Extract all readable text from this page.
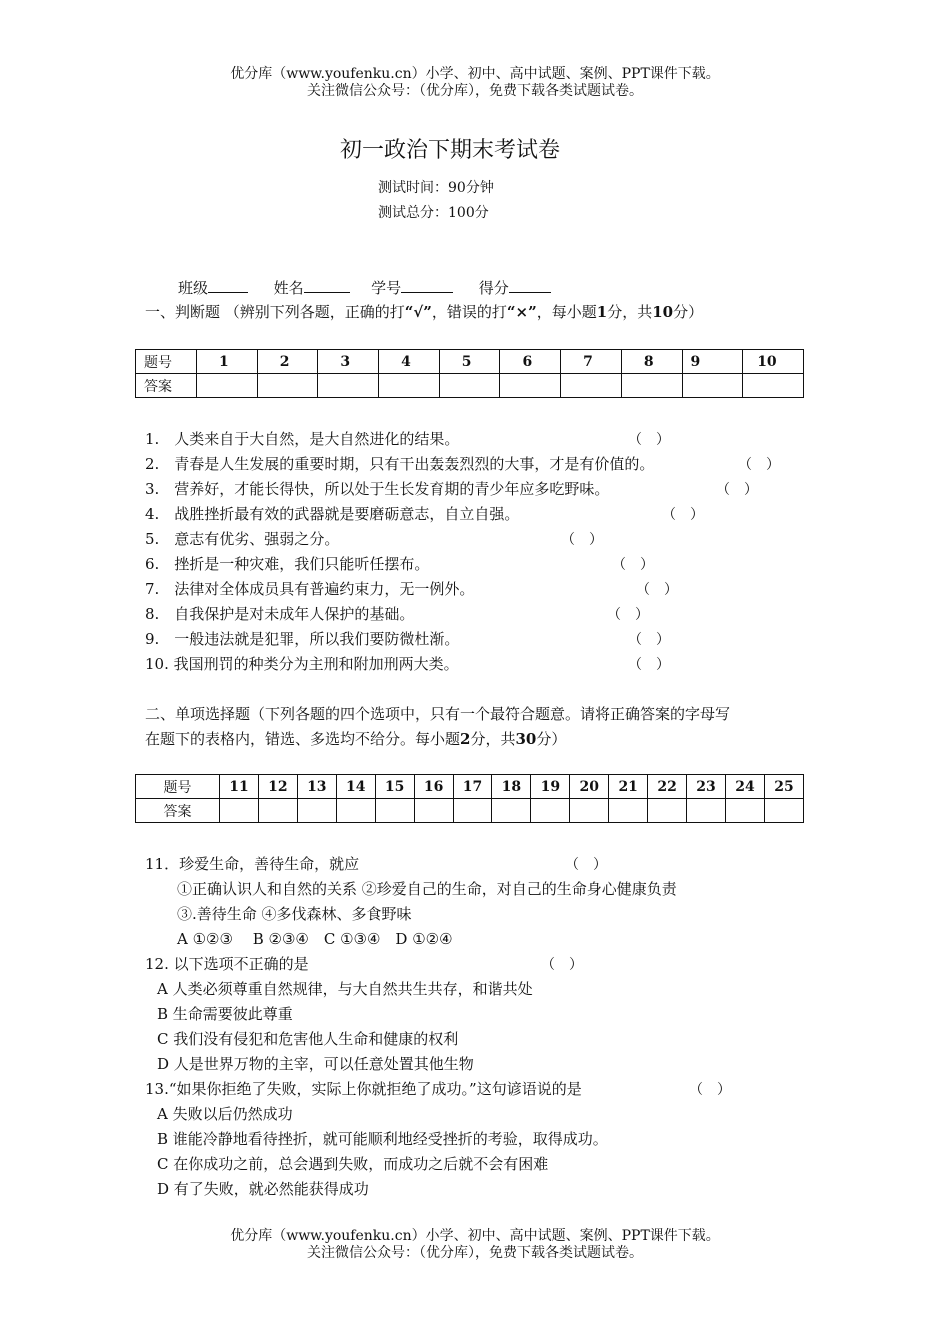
优分库（www.youfenku.cn）小学、初中、高中试题、案例、PPT课件下载。
关注微信公众号：（优分库），免费下载各类试题试卷。
初一政治下期末考试卷
测试时间：90分钟
测试总分：100分
班级	姓名	学号	得分
一、判断题 （辨别下列各题，正确的打“√”，错误的打“×”，每小题1分，共10分）
题号	1	2	3	4	5	6	7	8	9	10
答案										
1.　人类来自于大自然，是大自然进化的结果。	（　）
2.　青春是人生发展的重要时期，只有干出轰轰烈烈的大事，才是有价值的。	（　）
3.　营养好，才能长得快，所以处于生长发育期的青少年应多吃野味。	（　）
4.　战胜挫折最有效的武器就是要磨砺意志，自立自强。	（　）
5.　意志有优劣、强弱之分。	（　）
6.　挫折是一种灾难，我们只能听任摆布。	（　）
7.　法律对全体成员具有普遍约束力，无一例外。	（　）
8.　自我保护是对未成年人保护的基础。	（　）
9.　一般违法就是犯罪，所以我们要防微杜渐。	（　）
10. 我国刑罚的种类分为主刑和附加刑两大类。	（　）
二、单项选择题（下列各题的四个选项中，只有一个最符合题意。请将正确答案的字母写
在题下的表格内，错选、多选均不给分。每小题2分，共30分）
题号	11	12	13	14	15	16	17	18	19	20	21	22	23	24	25
答案															
11．珍爱生命，善待生命，就应	（　）
①正确认识人和自然的关系 ②珍爱自己的生命，对自己的生命身心健康负责
③.善待生命 ④多伐森林、多食野味
A ①②③　 B ②③④　C ①③④　D ①②④
12. 以下选项不正确的是	（　）
A 人类必须尊重自然规律，与大自然共生共存，和谐共处
B 生命需要彼此尊重
C 我们没有侵犯和危害他人生命和健康的权利
D 人是世界万物的主宰，可以任意处置其他生物
13.“如果你拒绝了失败，实际上你就拒绝了成功。”这句谚语说的是	（　）
A 失败以后仍然成功
B 谁能冷静地看待挫折，就可能顺利地经受挫折的考验，取得成功。
C 在你成功之前，总会遇到失败，而成功之后就不会有困难
D 有了失败，就必然能获得成功
优分库（www.youfenku.cn）小学、初中、高中试题、案例、PPT课件下载。
关注微信公众号：（优分库），免费下载各类试题试卷。
